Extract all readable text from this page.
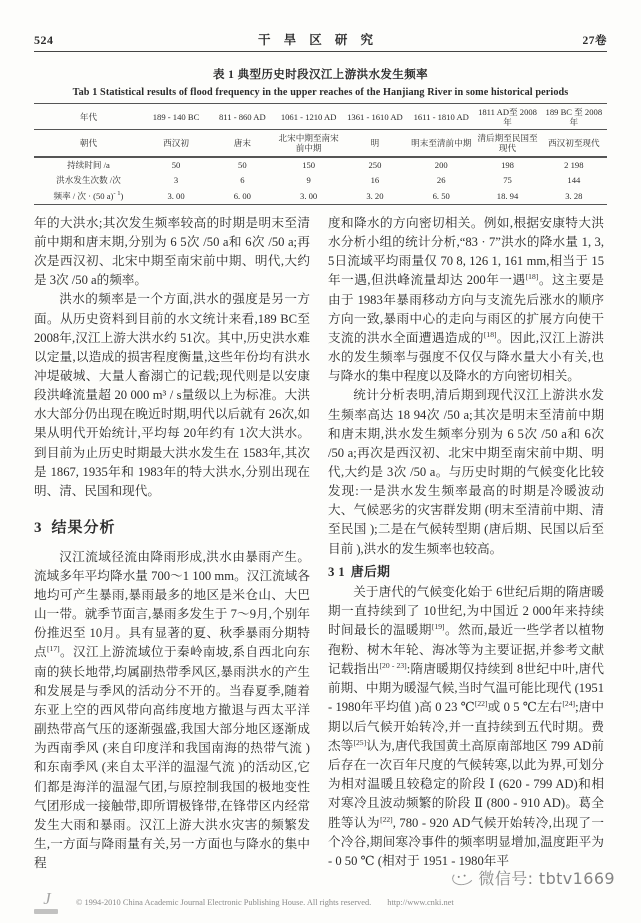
524	干 旱 区 研 究	27卷
表 1 典型历史时段汉江上游洪水发生频率
Tab 1 Statistical results of flood frequency in the upper reaches of the Hanjiang River in some historical periods
年代	189 - 140 BC	811 - 860 AD	1061 - 1210 AD	1361 - 1610 AD	1611 - 1810 AD	1811 AD至 2008年	189 BC 至 2008年
朝代	西汉初	唐末	北宋中期至南宋前中期	明	明末至清前中期	清后期至民国至现代	西汉初至现代
持续时间 /a	50	50	150	250	200	198	2 198
洪水发生次数 /次	3	6	9	16	26	75	144
频率 / 次 · (50 a)$^{- 1}$)	3. 00	6. 00	3. 00	3. 20	6. 50	18. 94	3. 28

年的大洪水;其次发生频率较高的时期是明末至清前中期和唐末期,分别为 6 5次 /50 a和 6次 /50 a;再次是西汉初、北宋中期至南宋前中期、明代,大约是 3次 /50 a的频率。

洪水的频率是一个方面,洪水的强度是另一方面。从历史资料到目前的水文统计来看,189 BC至 2008年,汉江上游大洪水约 51次。其中,历史洪水难以定量,以造成的损害程度衡量,这些年份均有洪水冲堤破城、大量人畜溺亡的记载;现代则是以安康段洪峰流量超 20 000 m³ / s量级以上为标准。大洪水大部分仍出现在晚近时期,明代以后就有 26次,如果从明代开始统计,平均每 20年约有 1次大洪水。到目前为止历史时期最大洪水发生在 1583年,其次是 1867, 1935年和 1983年的特大洪水,分别出现在明、清、民国和现代。

3 结果分析

汉江流域径流由降雨形成,洪水由暴雨产生。流域多年平均降水量 700～1 100 mm。汉江流域各地均可产生暴雨,暴雨最多的地区是米仓山、大巴山一带。就季节面言,暴雨多发生于 7～9月,个别年份推迟至 10月。具有显著的夏、秋季暴雨分期特点[17]。汉江上游流域位于秦岭南坡,系自西北向东南的狭长地带,均属副热带季风区,暴雨洪水的产生和发展是与季风的活动分不开的。当春夏季,随着东亚上空的西风带向高纬度地方撤退与西太平洋副热带高气压的逐渐强盛,我国大部分地区逐渐成为西南季风 (来自印度洋和我国南海的热带气流 )和东南季风 (来自太平洋的温湿气流 )的活动区,它们都是海洋的温湿气团,与原控制我国的极地变性气团形成一接触带,即所谓极锋带,在锋带区内经常发生大雨和暴雨。汉江上游大洪水灾害的频繁发生,一方面与降雨量有关,另一方面也与降水的集中程

度和降水的方向密切相关。例如,根据安康特大洪水分析小组的统计分析,“83 · 7”洪水的降水量 1, 3, 5日流域平均雨量仅 70 8, 126 1, 161 mm,相当于 15年一遇,但洪峰流量却达 200年一遇[18]。这主要是由于 1983年暴雨移动方向与支流先后涨水的顺序方向一致,暴雨中心的走向与雨区的扩展方向使干支流的洪水全面遭遇造成的[18]。因此,汉江上游洪水的发生频率与强度不仅仅与降水量大小有关,也与降水的集中程度以及降水的方向密切相关。

统计分析表明,清后期到现代汉江上游洪水发生频率高达 18 94次 /50 a;其次是明末至清前中期和唐末期,洪水发生频率分别为 6 5次 /50 a和 6次 /50 a;再次是西汉初、北宋中期至南宋前中期、明代,大约是 3次 /50 a。与历史时期的气候变化比较发现:一是洪水发生频率最高的时期是冷暖波动大、气候恶劣的灾害群发期 (明末至清前中期、清至民国 );二是在气候转型期 (唐后期、民国以后至目前 ),洪水的发生频率也较高。

3 1 唐后期

关于唐代的气候变化始于 6世纪后期的隋唐暖期一直持续到了 10世纪,为中国近 2 000年来持续时间最长的温暖期[19]。然而,最近一些学者以植物孢粉、树木年轮、海冰等为主要证据,并参考文献记载指出[20 - 23]:隋唐暖期仅持续到 8世纪中叶,唐代前期、中期为暖湿气候,当时气温可能比现代 (1951 - 1980年平均值 )高 0 23 ℃[22]或 0 5 ℃左右[24];唐中期以后气候开始转冷,并一直持续到五代时期。费杰等[25]认为,唐代我国黄土高原南部地区 799 AD前后存在一次百年尺度的气候转寒,以此为界,可划分为相对温暖且较稳定的阶段 Ⅰ (620 - 799 AD)和相对寒冷且波动频繁的阶段 Ⅱ (800 - 910 AD)。葛全胜等认为[22], 780 - 920 AD气候开始转冷,出现了一个冷谷,期间寒冷事件的频率明显增加,温度距平为 - 0 50 ℃ (相对于 1951 - 1980年平

微信号: tbtv1669
J	© 1994-2010 China Academic Journal Electronic Publishing House. All rights reserved. http://www.cnki.net
